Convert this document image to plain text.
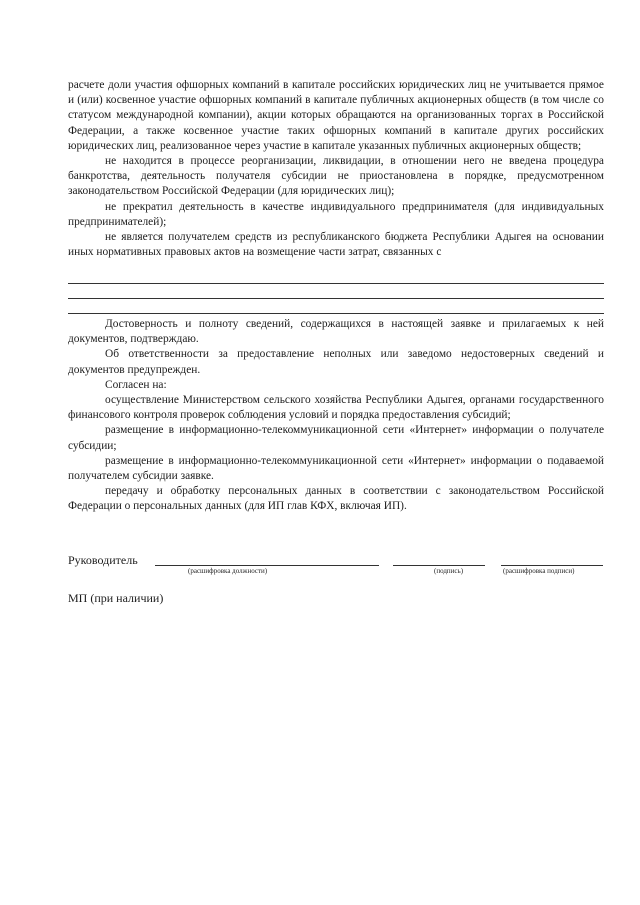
расчете доли участия офшорных компаний в капитале российских юридических лиц не учитывается прямое и (или) косвенное участие офшорных компаний в капитале публичных акционерных обществ (в том числе со статусом международной компании), акции которых обращаются на организованных торгах в Российской Федерации, а также косвенное участие таких офшорных компаний в капитале других российских юридических лиц, реализованное через участие в капитале указанных публичных акционерных обществ;

не находится в процессе реорганизации, ликвидации, в отношении него не введена процедура банкротства, деятельность получателя субсидии не приостановлена в порядке, предусмотренном законодательством Российской Федерации (для юридических лиц);

не прекратил деятельность в качестве индивидуального предпринимателя (для индивидуальных предпринимателей);

не является получателем средств из республиканского бюджета Республики Адыгея на основании иных нормативных правовых актов на возмещение части затрат, связанных с

Достоверность и полноту сведений, содержащихся в настоящей заявке и прилагаемых к ней документов, подтверждаю.

Об ответственности за предоставление неполных или заведомо недостоверных сведений и документов предупрежден.

Согласен на:

осуществление Министерством сельского хозяйства Республики Адыгея, органами государственного финансового контроля проверок соблюдения условий и порядка предоставления субсидий;

размещение в информационно-телекоммуникационной сети «Интернет» информации о получателе субсидии;

размещение в информационно-телекоммуникационной сети «Интернет» информации о подаваемой получателем субсидии заявке.

передачу и обработку персональных данных в соответствии с законодательством Российской Федерации о персональных данных (для ИП глав КФХ, включая ИП).

Руководитель
(расшифровка должности)	(подпись)	(расшифровка подписи)
МП (при наличии)
